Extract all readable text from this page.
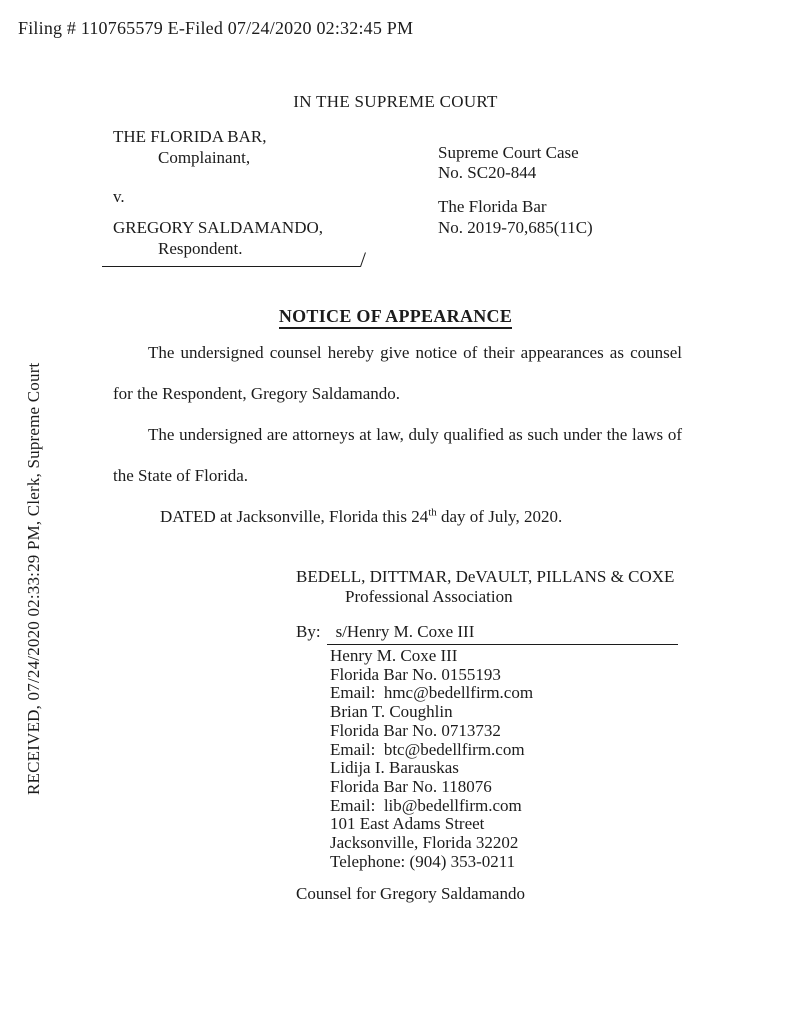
Filing # 110765579 E-Filed 07/24/2020 02:32:45 PM
RECEIVED, 07/24/2020 02:33:29 PM, Clerk, Supreme Court
IN THE SUPREME COURT
THE FLORIDA BAR,
Complainant,
v.
GREGORY SALDAMANDO,
Respondent.
Supreme Court Case
No. SC20-844
The Florida Bar
No. 2019-70,685(11C)
/
NOTICE OF APPEARANCE

The undersigned counsel hereby give notice of their appearances as counsel for the Respondent, Gregory Saldamando.

The undersigned are attorneys at law, duly qualified as such under the laws of the State of Florida.

DATED at Jacksonville, Florida this 24th day of July, 2020.

BEDELL, DITTMAR, DeVAULT, PILLANS & COXE
Professional Association
By: s/Henry M. Coxe III
Henry M. Coxe III
Florida Bar No. 0155193
Email:  hmc@bedellfirm.com
Brian T. Coughlin
Florida Bar No. 0713732
Email:  btc@bedellfirm.com
Lidija I. Barauskas
Florida Bar No. 118076
Email:  lib@bedellfirm.com
101 East Adams Street
Jacksonville, Florida 32202
Telephone: (904) 353-0211
Counsel for Gregory Saldamando
